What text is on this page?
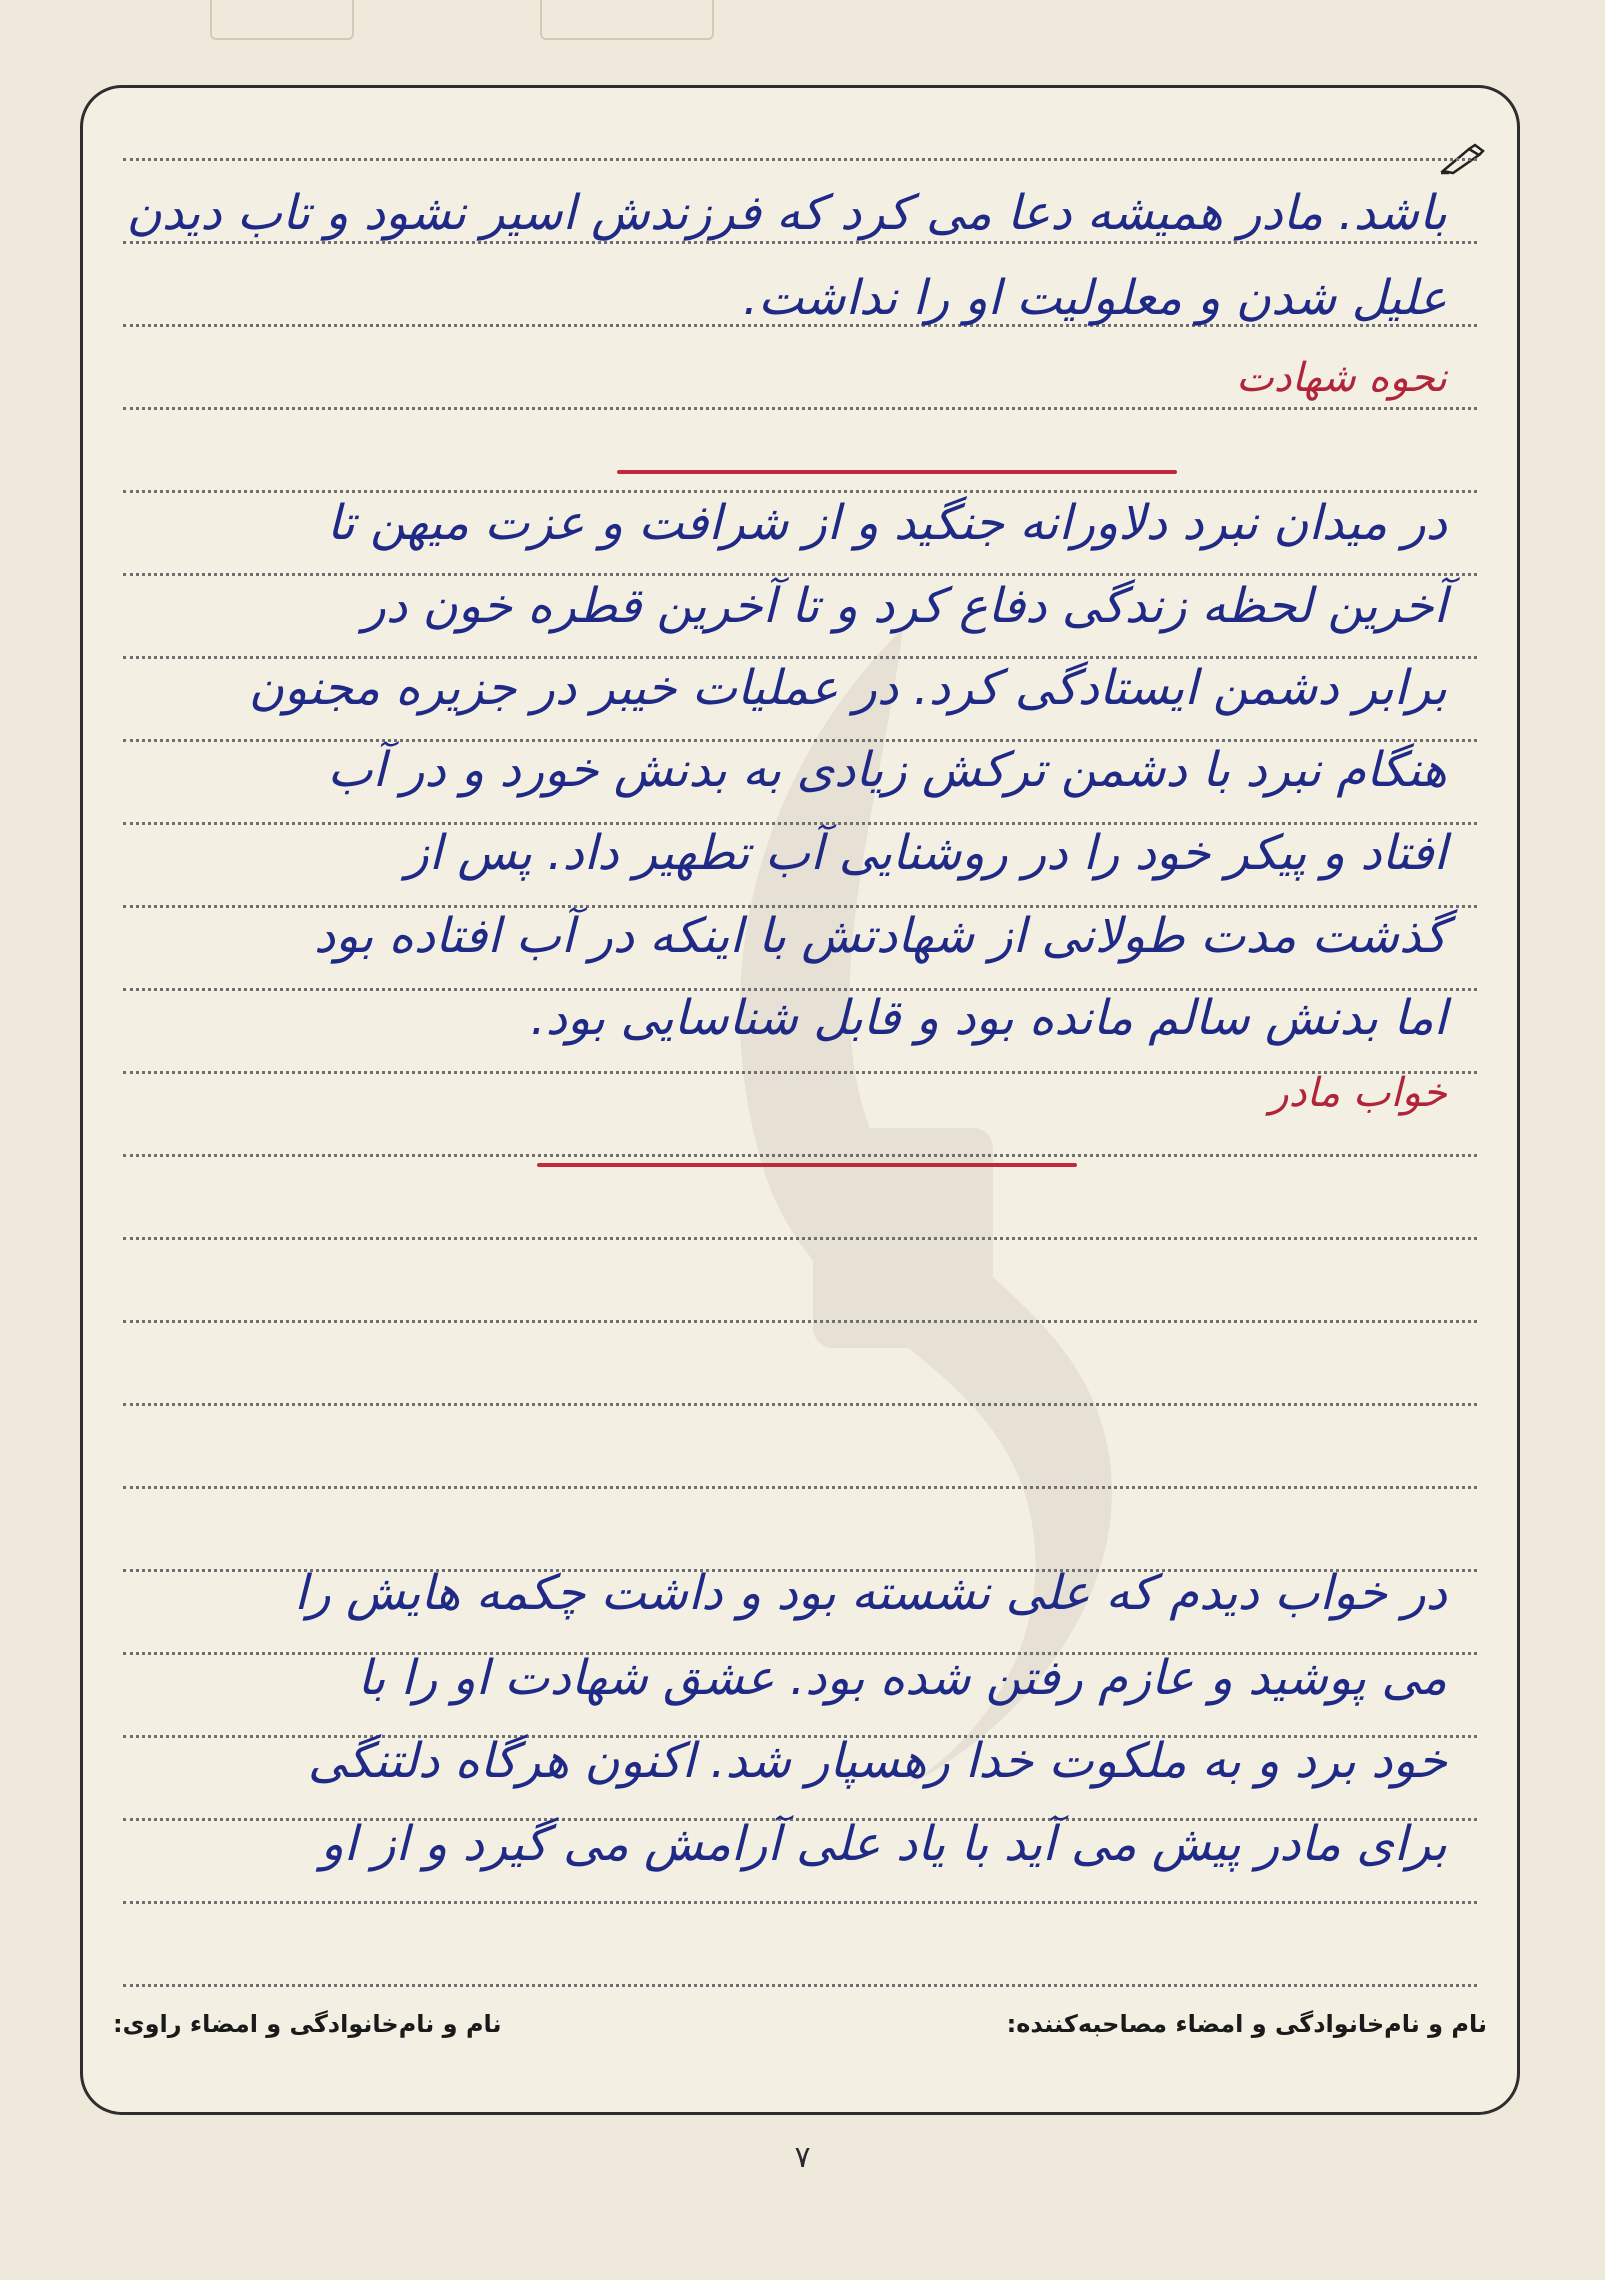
باشد. مادر همیشه دعا می کرد که فرزندش اسیر نشود و تاب دیدن
علیل شدن و معلولیت او را نداشت.
نحوه شهادت
در میدان نبرد دلاورانه جنگید و از شرافت و عزت میهن تا
آخرین لحظه زندگی دفاع کرد و تا آخرین قطره خون در
برابر دشمن ایستادگی کرد. در عملیات خیبر در جزیره مجنون
هنگام نبرد با دشمن ترکش زیادی به بدنش خورد و در آب
افتاد و پیکر خود را در روشنایی آب تطهیر داد. پس از
گذشت مدت طولانی از شهادتش با اینکه در آب افتاده بود
اما بدنش سالم مانده بود و قابل شناسایی بود.
خواب مادر
در خواب دیدم که علی نشسته بود و داشت چکمه هایش را
می پوشید و عازم رفتن شده بود. عشق شهادت او را با
خود برد و به ملکوت خدا رهسپار شد. اکنون هرگاه دلتنگی
برای مادر پیش می آید با یاد علی آرامش می گیرد و از او
نام و نام‌خانوادگی و امضاء مصاحبه‌کننده:
نام و نام‌خانوادگی و امضاء راوی:
۷
